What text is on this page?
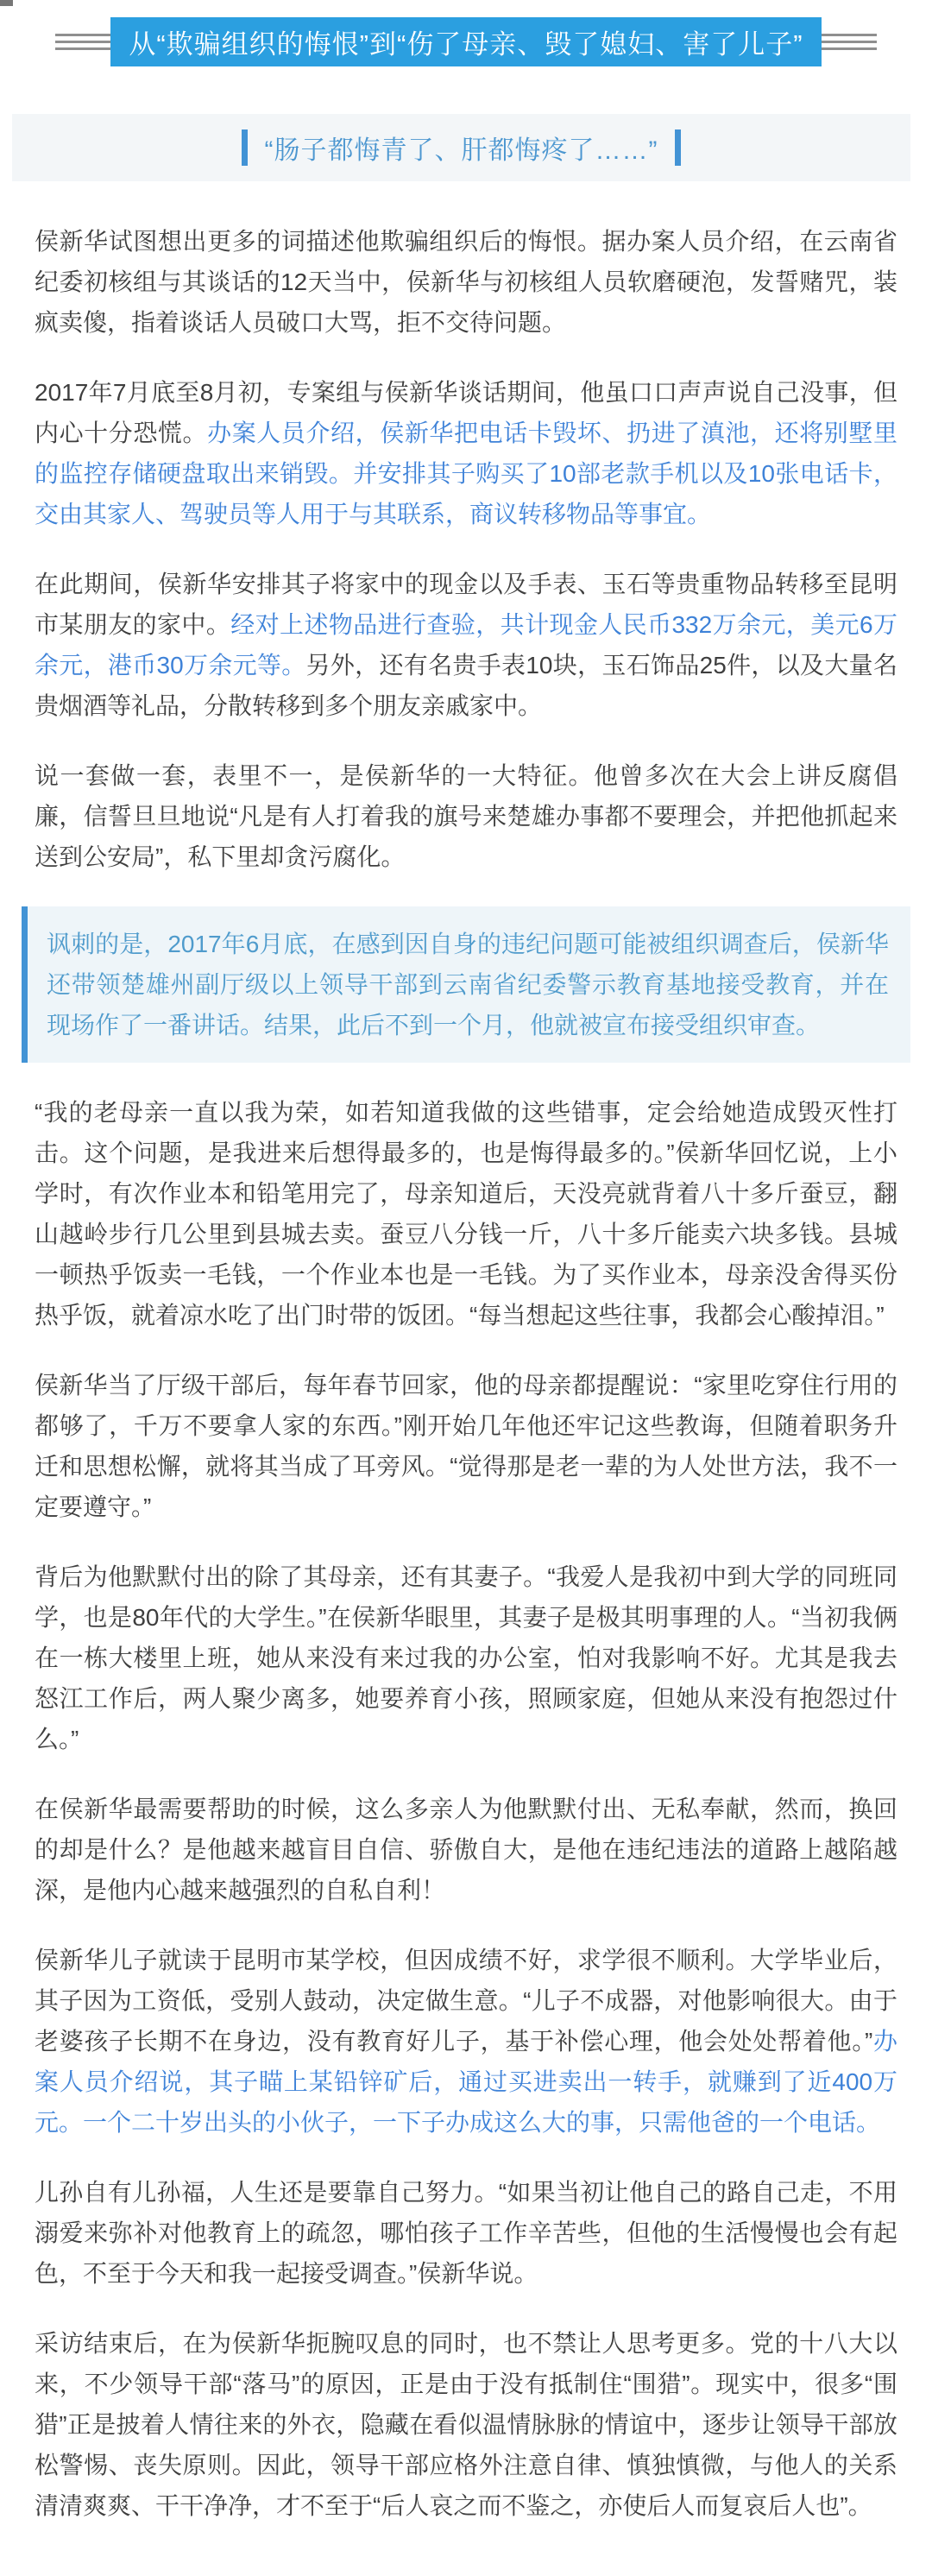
从“欺骗组织的悔恨”到“伤了母亲、毁了媳妇、害了儿子”
“肠子都悔青了、肝都悔疼了……”

侯新华试图想出更多的词描述他欺骗组织后的悔恨。据办案人员介绍，在云南省纪委初核组与其谈话的12天当中，侯新华与初核组人员软磨硬泡，发誓赌咒，装疯卖傻，指着谈话人员破口大骂，拒不交待问题。

2017年7月底至8月初，专案组与侯新华谈话期间，他虽口口声声说自己没事，但内心十分恐慌。办案人员介绍，侯新华把电话卡毁坏、扔进了滇池，还将别墅里的监控存储硬盘取出来销毁。并安排其子购买了10部老款手机以及10张电话卡，交由其家人、驾驶员等人用于与其联系，商议转移物品等事宜。

在此期间，侯新华安排其子将家中的现金以及手表、玉石等贵重物品转移至昆明市某朋友的家中。经对上述物品进行查验，共计现金人民币332万余元，美元6万余元，港币30万余元等。另外，还有名贵手表10块，玉石饰品25件，以及大量名贵烟酒等礼品，分散转移到多个朋友亲戚家中。

说一套做一套，表里不一，是侯新华的一大特征。他曾多次在大会上讲反腐倡廉，信誓旦旦地说“凡是有人打着我的旗号来楚雄办事都不要理会，并把他抓起来送到公安局”，私下里却贪污腐化。

讽刺的是，2017年6月底，在感到因自身的违纪问题可能被组织调查后，侯新华还带领楚雄州副厅级以上领导干部到云南省纪委警示教育基地接受教育，并在现场作了一番讲话。结果，此后不到一个月，他就被宣布接受组织审查。

“我的老母亲一直以我为荣，如若知道我做的这些错事，定会给她造成毁灭性打击。这个问题，是我进来后想得最多的，也是悔得最多的。”侯新华回忆说，上小学时，有次作业本和铅笔用完了，母亲知道后，天没亮就背着八十多斤蚕豆，翻山越岭步行几公里到县城去卖。蚕豆八分钱一斤，八十多斤能卖六块多钱。县城一顿热乎饭卖一毛钱，一个作业本也是一毛钱。为了买作业本，母亲没舍得买份热乎饭，就着凉水吃了出门时带的饭团。“每当想起这些往事，我都会心酸掉泪。”

侯新华当了厅级干部后，每年春节回家，他的母亲都提醒说：“家里吃穿住行用的都够了，千万不要拿人家的东西。”刚开始几年他还牢记这些教诲，但随着职务升迁和思想松懈，就将其当成了耳旁风。“觉得那是老一辈的为人处世方法，我不一定要遵守。”

背后为他默默付出的除了其母亲，还有其妻子。“我爱人是我初中到大学的同班同学，也是80年代的大学生。”在侯新华眼里，其妻子是极其明事理的人。“当初我俩在一栋大楼里上班，她从来没有来过我的办公室，怕对我影响不好。尤其是我去怒江工作后，两人聚少离多，她要养育小孩，照顾家庭，但她从来没有抱怨过什么。”

在侯新华最需要帮助的时候，这么多亲人为他默默付出、无私奉献，然而，换回的却是什么？是他越来越盲目自信、骄傲自大，是他在违纪违法的道路上越陷越深，是他内心越来越强烈的自私自利！

侯新华儿子就读于昆明市某学校，但因成绩不好，求学很不顺利。大学毕业后，其子因为工资低，受别人鼓动，决定做生意。“儿子不成器，对他影响很大。由于老婆孩子长期不在身边，没有教育好儿子，基于补偿心理，他会处处帮着他。”办案人员介绍说，其子瞄上某铅锌矿后，通过买进卖出一转手，就赚到了近400万元。一个二十岁出头的小伙子，一下子办成这么大的事，只需他爸的一个电话。

儿孙自有儿孙福，人生还是要靠自己努力。“如果当初让他自己的路自己走，不用溺爱来弥补对他教育上的疏忽，哪怕孩子工作辛苦些，但他的生活慢慢也会有起色，不至于今天和我一起接受调查。”侯新华说。

采访结束后，在为侯新华扼腕叹息的同时，也不禁让人思考更多。党的十八大以来，不少领导干部“落马”的原因，正是由于没有抵制住“围猎”。现实中，很多“围猎”正是披着人情往来的外衣，隐藏在看似温情脉脉的情谊中，逐步让领导干部放松警惕、丧失原则。因此，领导干部应格外注意自律、慎独慎微，与他人的关系清清爽爽、干干净净，才不至于“后人哀之而不鉴之，亦使后人而复哀后人也”。
